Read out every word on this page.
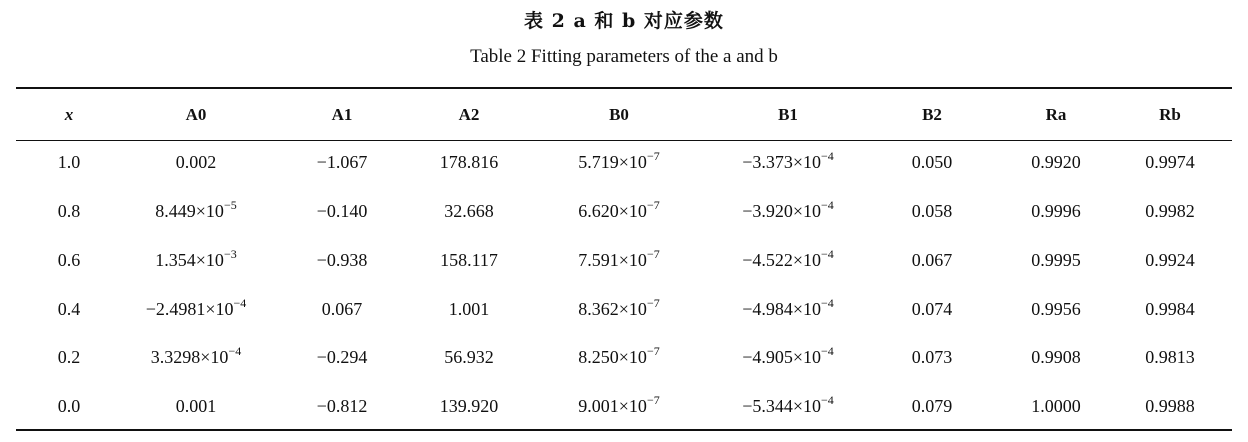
表 2 a 和 b 对应参数
Table 2 Fitting parameters of the a and b
x	A0	A1	A2	B0	B1	B2	Ra	Rb
1.0	0.002	−1.067	178.816	$5.719\times 10^{-7}$	$-3.373\times 10^{-4}$	0.050	0.9920	0.9974
0.8	$8.449\times 10^{-5}$	−0.140	32.668	$6.620\times 10^{-7}$	$-3.920\times 10^{-4}$	0.058	0.9996	0.9982
0.6	$1.354\times 10^{-3}$	−0.938	158.117	$7.591\times 10^{-7}$	$-4.522\times 10^{-4}$	0.067	0.9995	0.9924
0.4	$-2.4981\times 10^{-4}$	0.067	1.001	$8.362\times 10^{-7}$	$-4.984\times 10^{-4}$	0.074	0.9956	0.9984
0.2	$3.3298\times 10^{-4}$	−0.294	56.932	$8.250\times 10^{-7}$	$-4.905\times 10^{-4}$	0.073	0.9908	0.9813
0.0	0.001	−0.812	139.920	$9.001\times 10^{-7}$	$-5.344\times 10^{-4}$	0.079	1.0000	0.9988
